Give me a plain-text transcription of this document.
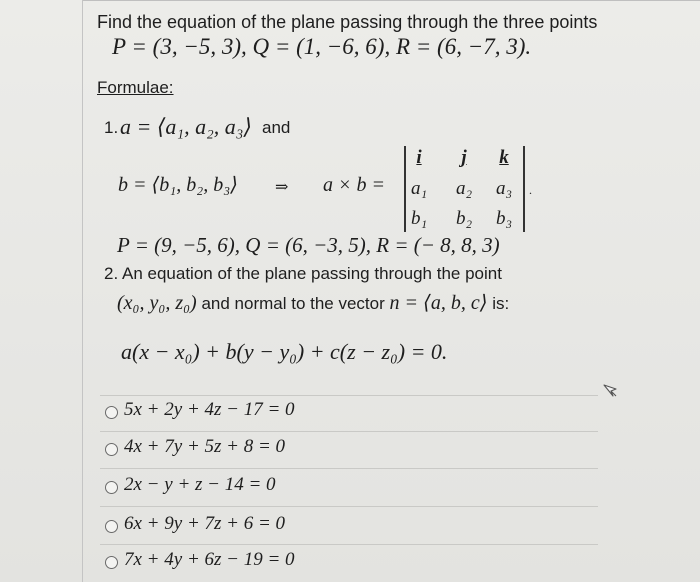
Find the equation of the plane passing through the three points
P = (3, −5, 3), Q = (1, −6, 6), R = (6, −7, 3).
Formulae:
1. a = ⟨a₁, a₂, a₃⟩ and
b = ⟨b₁, b₂, b₃⟩ ⇒ a × b =
i	j	k
a₁	a₂	a₃
b₁	b₂	b₃
.
P = (9, −5, 6), Q = (6, −3, 5), R = (− 8, 8, 3)
2. An equation of the plane passing through the point
(x₀, y₀, z₀) and normal to the vector n = ⟨a, b, c⟩ is:
a(x − x₀) + b(y − y₀) + c(z − z₀) = 0.
5x + 2y + 4z − 17 = 0
4x + 7y + 5z + 8 = 0
2x − y + z − 14 = 0
6x + 9y + 7z + 6 = 0
7x + 4y + 6z − 19 = 0
